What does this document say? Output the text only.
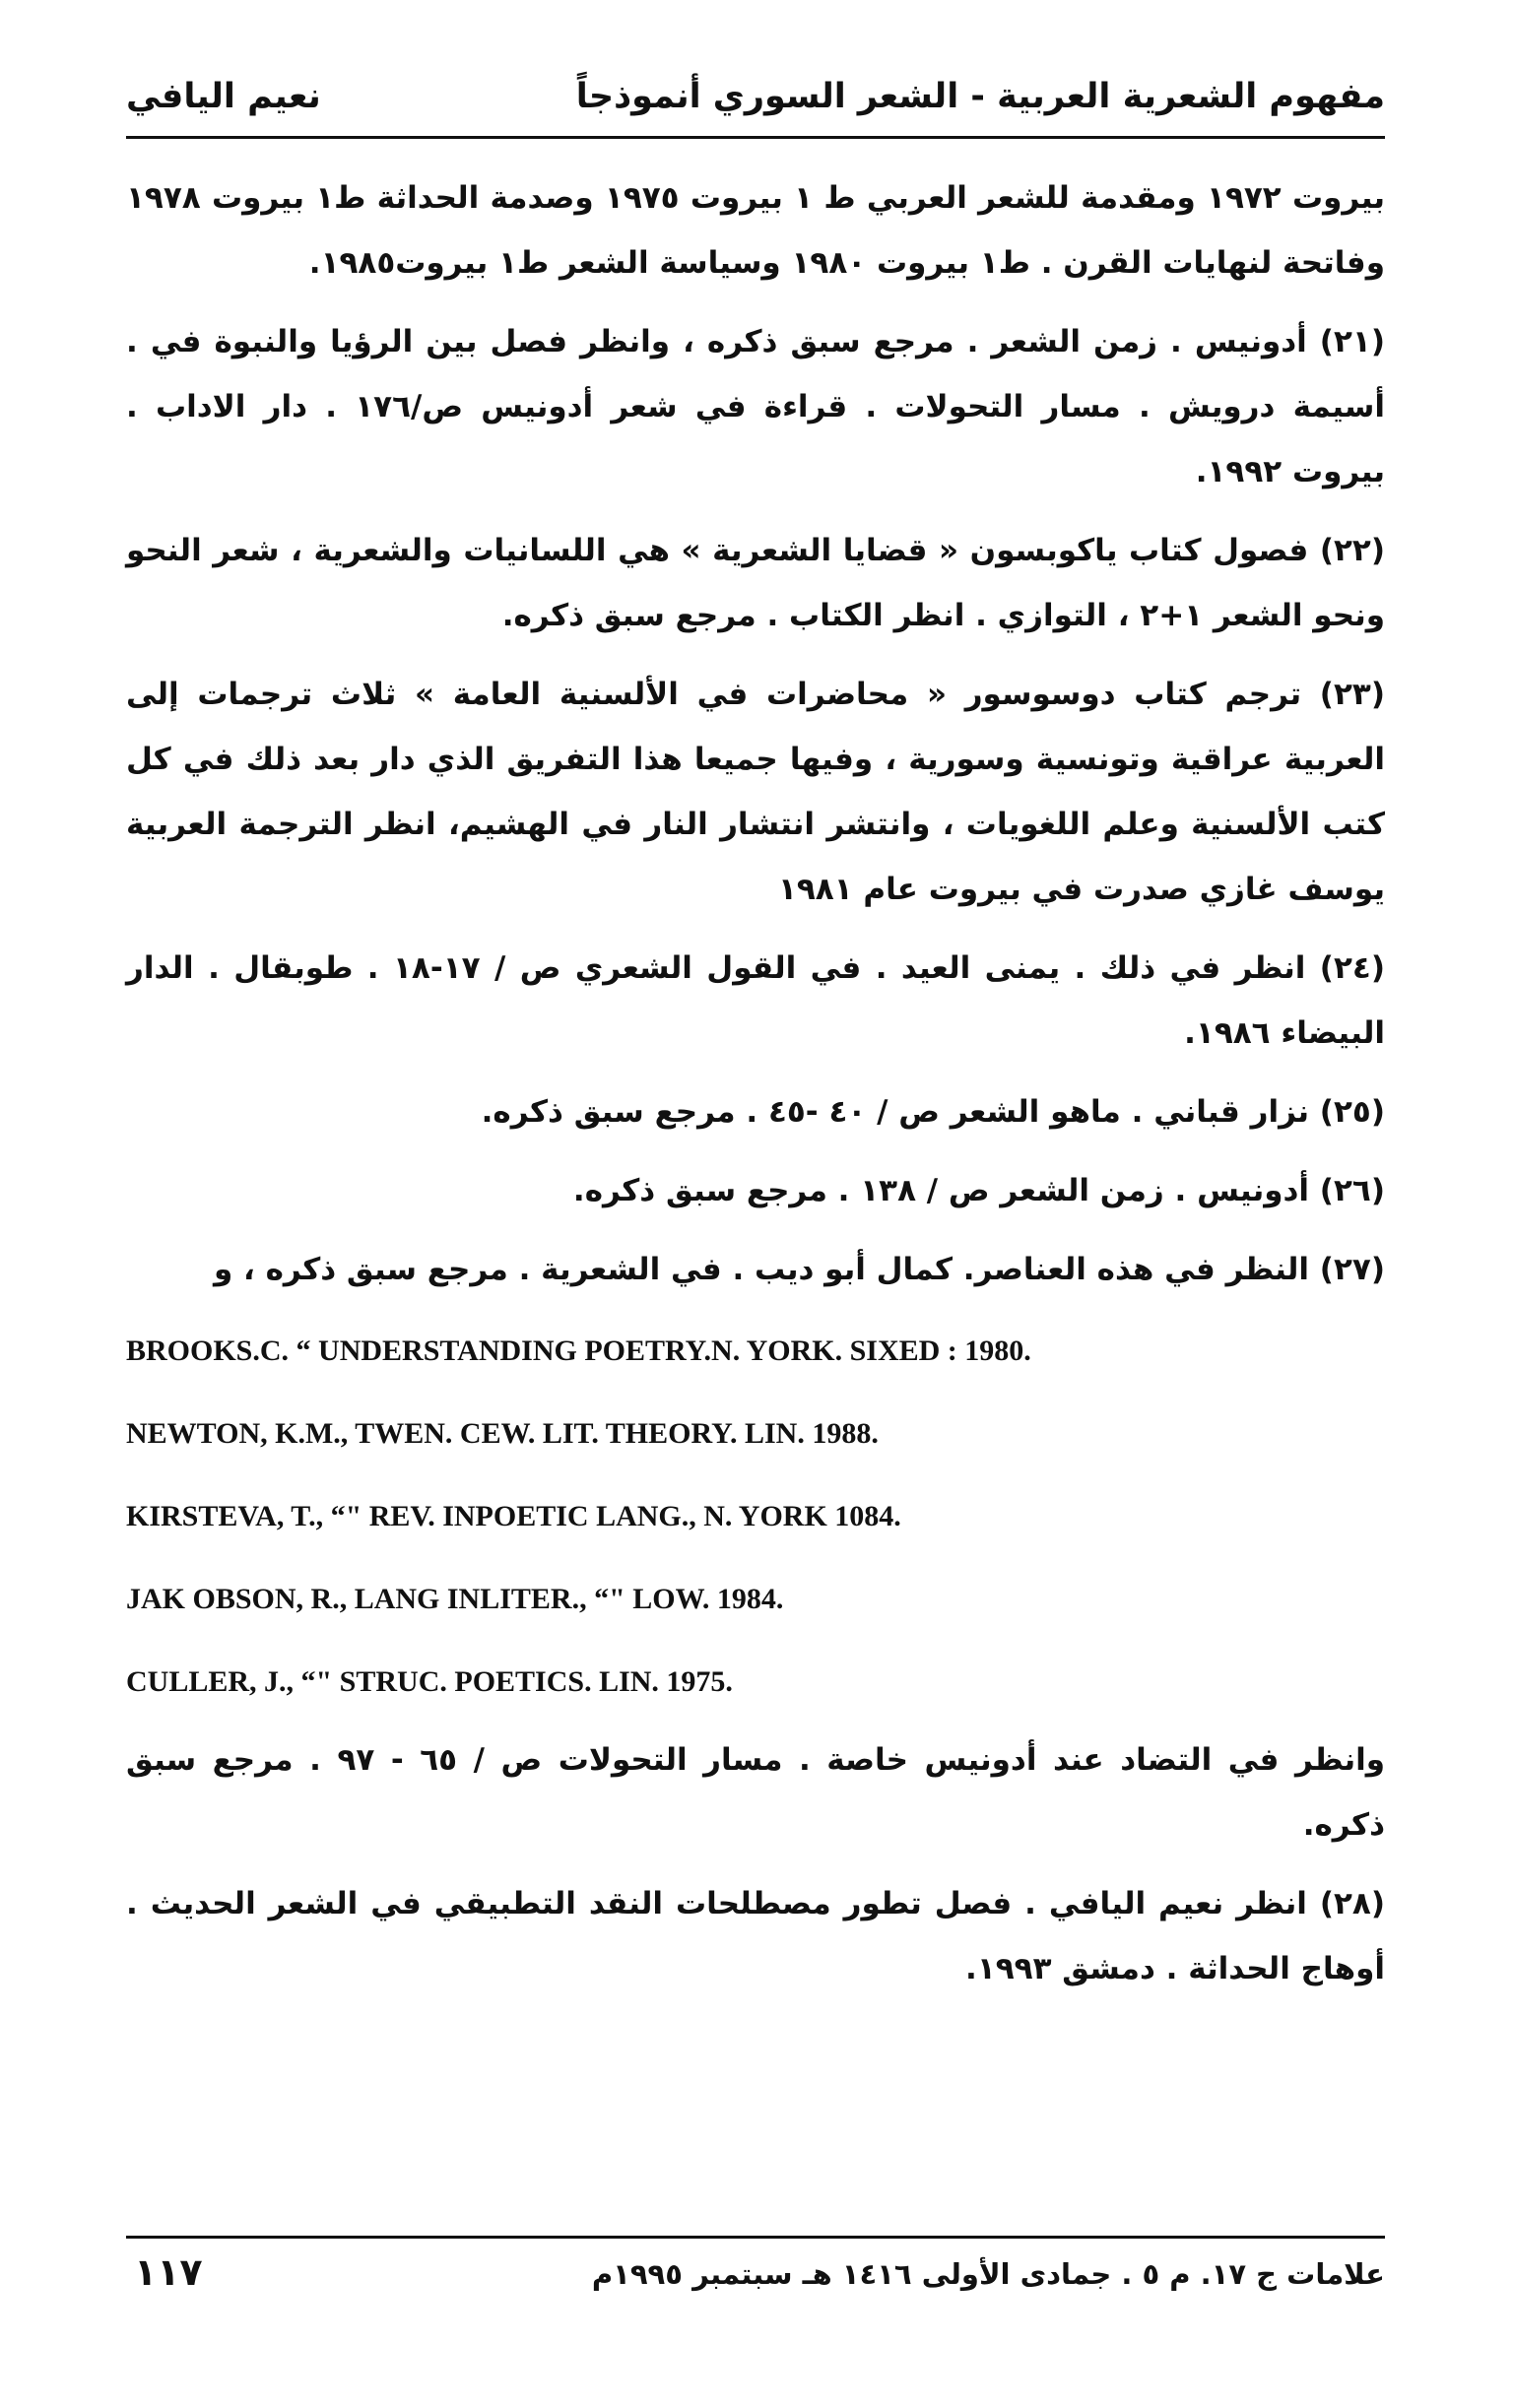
مفهوم الشعرية العربية - الشعر السوري أنموذجاً
نعيم اليافي

بيروت ١٩٧٢ ومقدمة للشعر العربي ط ١ بيروت ١٩٧٥ وصدمة الحداثة ط١ بيروت ١٩٧٨ وفاتحة لنهايات القرن . ط١ بيروت ١٩٨٠ وسياسة الشعر ط١ بيروت١٩٨٥.

(٢١) أدونيس . زمن الشعر . مرجع سبق ذكره ، وانظر فصل بين الرؤيا والنبوة في . أسيمة درويش . مسار التحولات . قراءة في شعر أدونيس ص/١٧٦ . دار الاداب . بيروت ١٩٩٢.

(٢٢) فصول كتاب ياكوبسون « قضايا الشعرية » هي اللسانيات والشعرية ، شعر النحو ونحو الشعر ١+٢ ، التوازي . انظر الكتاب . مرجع سبق ذكره.

(٢٣) ترجم كتاب دوسوسور « محاضرات في الألسنية العامة » ثلاث ترجمات إلى العربية عراقية وتونسية وسورية ، وفيها جميعا هذا التفريق الذي دار بعد ذلك في كل كتب الألسنية وعلم اللغويات ، وانتشر انتشار النار في الهشيم، انظر الترجمة العربية يوسف غازي صدرت في بيروت عام ١٩٨١

(٢٤) انظر في ذلك . يمنى العيد . في القول الشعري ص / ١٧-١٨ . طوبقال . الدار البيضاء ١٩٨٦.

(٢٥) نزار قباني . ماهو الشعر ص / ٤٠ -٤٥ . مرجع سبق ذكره.

(٢٦) أدونيس . زمن الشعر ص / ١٣٨ . مرجع سبق ذكره.

(٢٧) النظر في هذه العناصر. كمال أبو ديب . في الشعرية . مرجع سبق ذكره ، و

BROOKS.C. “ UNDERSTANDING POETRY.N. YORK. SIXED : 1980.
NEWTON, K.M., TWEN. CEW. LIT. THEORY. LIN. 1988.
KIRSTEVA, T., “" REV. INPOETIC LANG., N. YORK 1084.
JAK OBSON, R., LANG INLITER., “" LOW. 1984.
CULLER, J., “" STRUC. POETICS. LIN. 1975.

وانظر في التضاد عند أدونيس خاصة . مسار التحولات ص / ٦٥ - ٩٧ . مرجع سبق ذكره.

(٢٨) انظر نعيم اليافي . فصل تطور مصطلحات النقد التطبيقي في الشعر الحديث . أوهاج الحداثة . دمشق ١٩٩٣.

علامات ج ١٧. م ٥ . جمادى الأولى ١٤١٦ هـ سبتمبر ١٩٩٥م
١١٧
